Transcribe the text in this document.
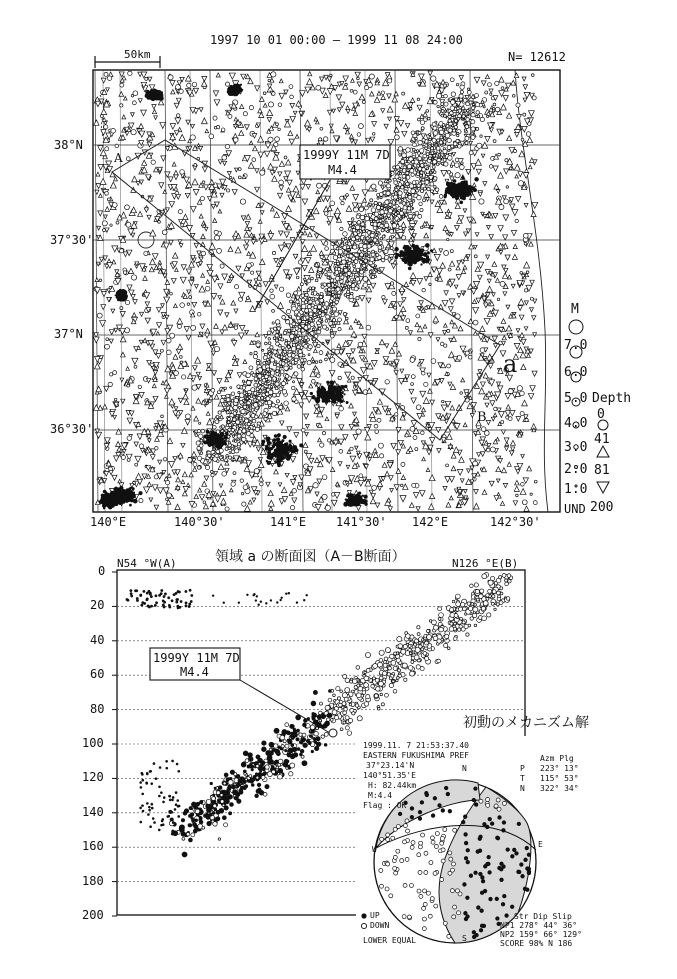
1997 10 01 00:00 — 1999 11 08 24:00
N= 12612
50km
38°N
37°30'
37°N
36°30'
140°E	140°30'	141°E 141°30' 142°E	142°30'
1999Y 11M 7D
M4.4
a
A
B
M
7.0
6.0
5.0
4.0
3.0
2.0
1.0
UND
Depth
0
41
81
200
領域 a の断面図（A－B断面）
N54 °W(A)	N126 °E(B)
0
20
40
60
80
100
120
140
160
180
200
1999Y 11M 7D
M4.4
初動のメカニズム解
1999.11. 7 21:53:37.40
EASTERN FUKUSHIMA PREF
37°23.14'N
140°51.35'E
H: 82.44km
M:4.4
Flag : OK
Azm Plg
P 223° 13°
T 115° 53°
N 322° 34°
N
E
S
W
UP
DOWN
LOWER EQUAL
Str Dip Slip
NP1 278° 44° 36°
NP2 159° 66° 129°
SCORE 98% N 186
